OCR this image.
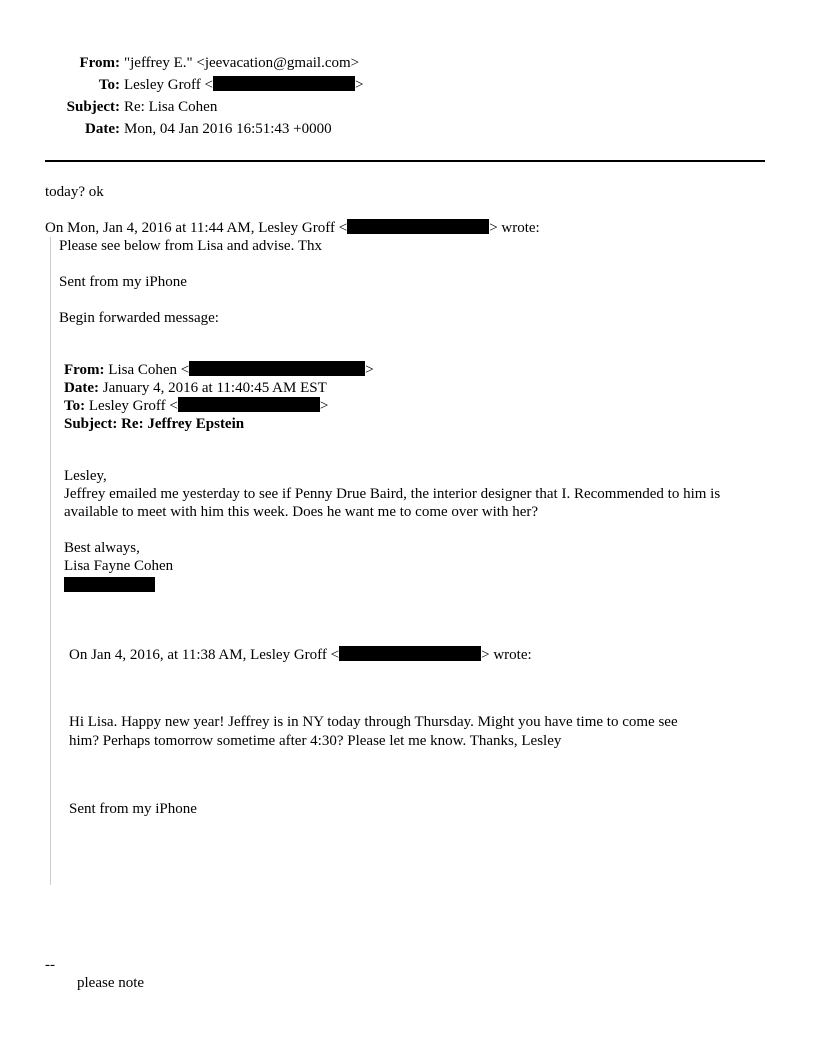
From: "jeffrey E." <jeevacation@gmail.com>
To: Lesley Groff <	>
Subject: Re: Lisa Cohen
Date: Mon, 04 Jan 2016 16:51:43 +0000
today? ok
On Mon, Jan 4, 2016 at 11:44 AM, Lesley Groff <	> wrote:
Please see below from Lisa and advise. Thx
Sent from my iPhone
Begin forwarded message:
From: Lisa Cohen <	>
Date: January 4, 2016 at 11:40:45 AM EST
To: Lesley Groff <	>
Subject: Re: Jeffrey Epstein
Lesley,
Jeffrey emailed me yesterday to see if Penny Drue Baird, the interior designer that I. Recommended to him is
available to meet with him this week. Does he want me to come over with her?
Best always,
Lisa Fayne Cohen
On Jan 4, 2016, at 11:38 AM, Lesley Groff <	> wrote:
Hi Lisa. Happy new year! Jeffrey is in NY today through Thursday. Might you have time to come see
him? Perhaps tomorrow sometime after 4:30? Please let me know. Thanks, Lesley
Sent from my iPhone
--
please note
